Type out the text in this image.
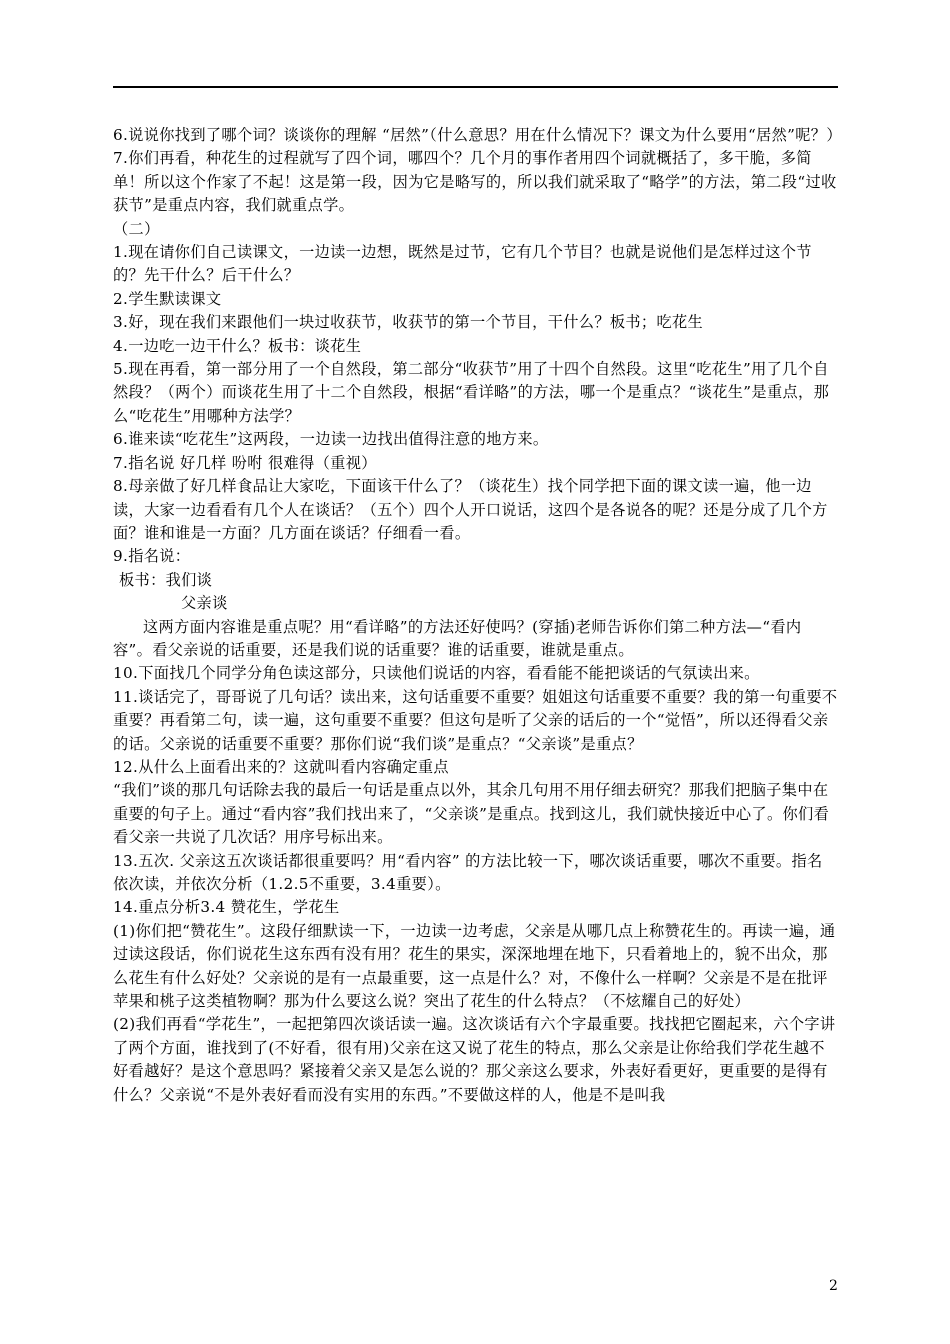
6.说说你找到了哪个词？谈谈你的理解 “居然”（什么意思？用在什么情况下？课文为什么要用“居然”呢？）

7.你们再看，种花生的过程就写了四个词，哪四个？几个月的事作者用四个词就概括了，多干脆，多简单！所以这个作家了不起！这是第一段，因为它是略写的，所以我们就采取了“略学”的方法，第二段“过收获节”是重点内容，我们就重点学。

（二）

1.现在请你们自己读课文，一边读一边想，既然是过节，它有几个节目？也就是说他们是怎样过这个节的？先干什么？后干什么？

2.学生默读课文

3.好，现在我们来跟他们一块过收获节，收获节的第一个节目，干什么？板书；吃花生

4.一边吃一边干什么？板书：谈花生

5.现在再看，第一部分用了一个自然段，第二部分“收获节”用了十四个自然段。这里“吃花生”用了几个自然段？（两个）而谈花生用了十二个自然段，根据“看详略”的方法，哪一个是重点？“谈花生”是重点，那么“吃花生”用哪种方法学？

6.谁来读“吃花生”这两段，一边读一边找出值得注意的地方来。

7.指名说 好几样 吩咐 很难得（重视）

8.母亲做了好几样食品让大家吃，下面该干什么了？（谈花生）找个同学把下面的课文读一遍，他一边读，大家一边看看有几个人在谈话？（五个）四个人开口说话，这四个是各说各的呢？还是分成了几个方面？谁和谁是一方面？几方面在谈话？仔细看一看。

9.指名说：

板书：我们谈

父亲谈

这两方面内容谁是重点呢？用“看详略”的方法还好使吗？(穿插)老师告诉你们第二种方法—“看内容”。看父亲说的话重要，还是我们说的话重要？谁的话重要，谁就是重点。

10.下面找几个同学分角色读这部分，只读他们说话的内容，看看能不能把谈话的气氛读出来。

11.谈话完了，哥哥说了几句话？读出来，这句话重要不重要？姐姐这句话重要不重要？我的第一句重要不重要？再看第二句，读一遍，这句重要不重要？但这句是听了父亲的话后的一个“觉悟”，所以还得看父亲的话。父亲说的话重要不重要？那你们说“我们谈”是重点？“父亲谈”是重点？

12.从什么上面看出来的？这就叫看内容确定重点

“我们”谈的那几句话除去我的最后一句话是重点以外，其余几句用不用仔细去研究？那我们把脑子集中在重要的句子上。通过“看内容”我们找出来了，“父亲谈”是重点。找到这儿，我们就快接近中心了。你们看看父亲一共说了几次话？用序号标出来。

13.五次. 父亲这五次谈话都很重要吗？用“看内容” 的方法比较一下，哪次谈话重要，哪次不重要。指名依次读，并依次分析（1.2.5不重要，3.4重要）。

14.重点分析3.4 赞花生，学花生

(1)你们把“赞花生”。这段仔细默读一下，一边读一边考虑，父亲是从哪几点上称赞花生的。再读一遍，通过读这段话，你们说花生这东西有没有用？花生的果实，深深地埋在地下，只看着地上的，貌不出众，那么花生有什么好处？父亲说的是有一点最重要，这一点是什么？对，不像什么一样啊？父亲是不是在批评苹果和桃子这类植物啊？那为什么要这么说？突出了花生的什么特点？（不炫耀自己的好处）

(2)我们再看“学花生”，一起把第四次谈话读一遍。这次谈话有六个字最重要。找找把它圈起来，六个字讲了两个方面，谁找到了(不好看，很有用)父亲在这又说了花生的特点，那么父亲是让你给我们学花生越不好看越好？是这个意思吗？紧接着父亲又是怎么说的？那父亲这么要求，外表好看更好，更重要的是得有什么？父亲说“不是外表好看而没有实用的东西。”不要做这样的人，他是不是叫我

2
